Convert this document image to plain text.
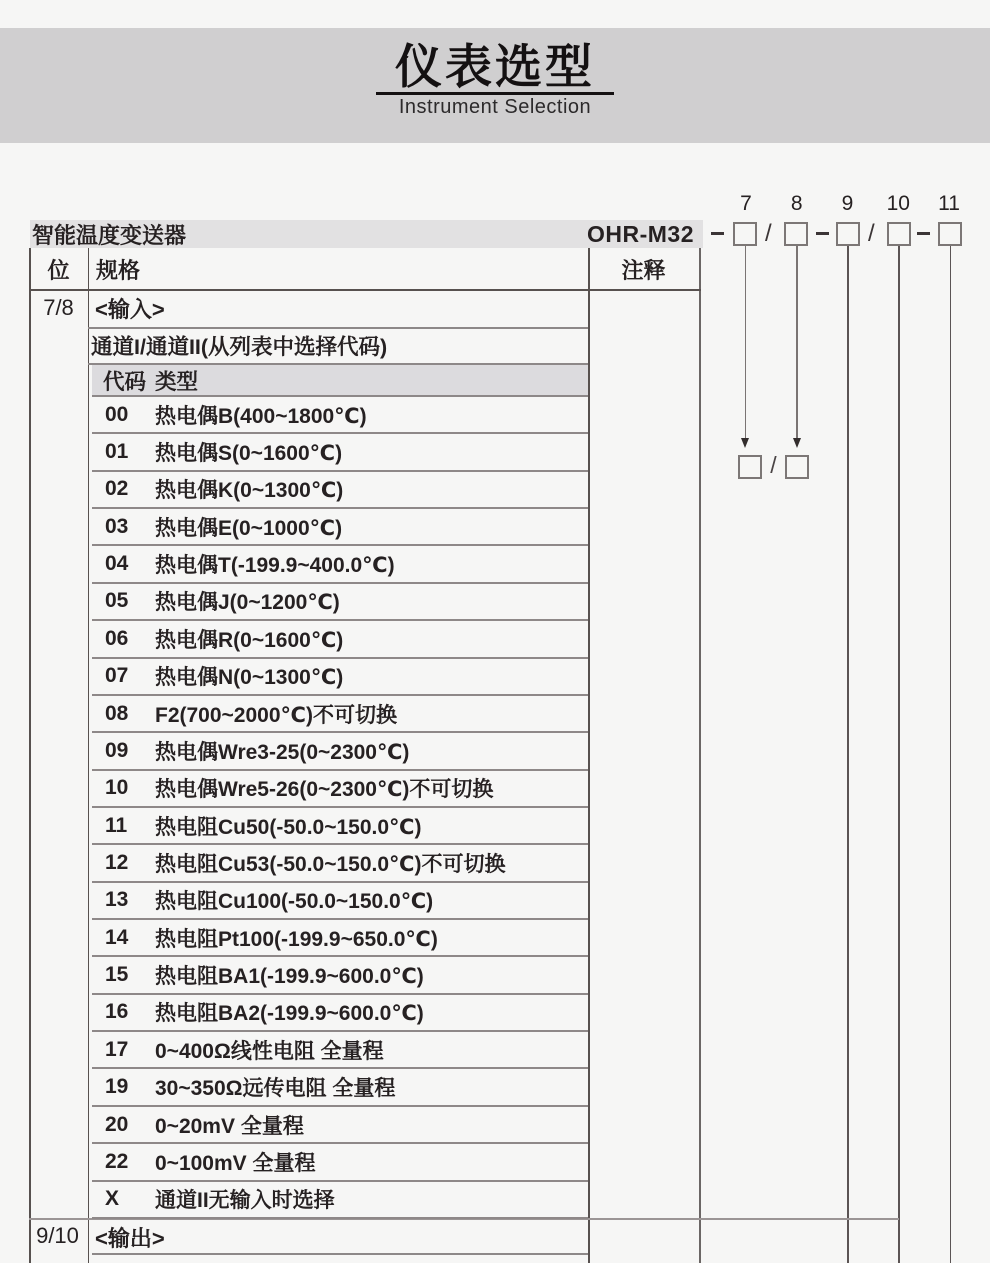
仪表选型
Instrument Selection
智能温度变送器	OHR-M32
7	8	9	10 11
/	/
/
位	规格	注释
7/8 <输入>
通道I/通道II(从列表中选择代码)
代码 类型
00	热电偶B(400~1800℃)
01	热电偶S(0~1600℃)
02	热电偶K(0~1300℃)
03	热电偶E(0~1000℃)
04	热电偶T(-199.9~400.0℃)
05	热电偶J(0~1200℃)
06	热电偶R(0~1600℃)
07	热电偶N(0~1300℃)
08	F2(700~2000℃)不可切换
09	热电偶Wre3-25(0~2300℃)
10	热电偶Wre5-26(0~2300℃)不可切换
11	热电阻Cu50(-50.0~150.0℃)
12	热电阻Cu53(-50.0~150.0℃)不可切换
13	热电阻Cu100(-50.0~150.0℃)
14	热电阻Pt100(-199.9~650.0℃)
15	热电阻BA1(-199.9~600.0℃)
16	热电阻BA2(-199.9~600.0℃)
17	0~400Ω线性电阻 全量程
19	30~350Ω远传电阻 全量程
20	0~20mV 全量程
22	0~100mV 全量程
X	通道II无输入时选择
9/10 <输出>
